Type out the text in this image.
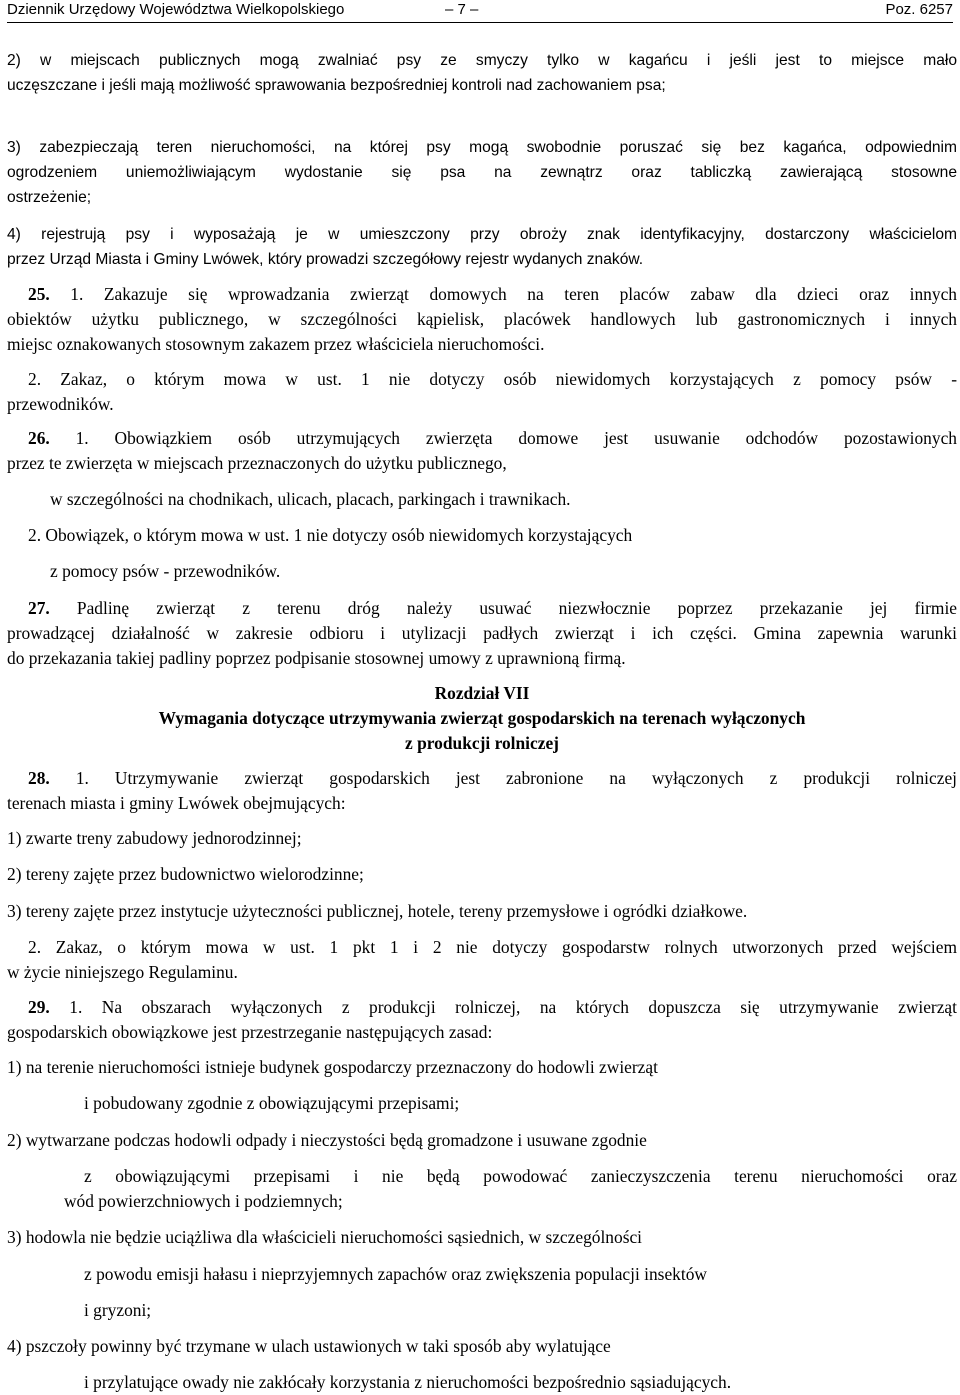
Dziennik Urzędowy Województwa Wielkopolskiego	– 7 –	Poz. 6257
2) w miejscach publicznych mogą zwalniać psy ze smyczy tylko w kagańcu i jeśli jest to miejsce mało
uczęszczane i jeśli mają możliwość sprawowania bezpośredniej kontroli nad zachowaniem psa;
3) zabezpieczają teren nieruchomości, na której psy mogą swobodnie poruszać się bez kagańca, odpowiednim
ogrodzeniem uniemożliwiającym wydostanie się psa na zewnątrz oraz tabliczką zawierającą stosowne
ostrzeżenie;
4) rejestrują psy i wyposażają je w umieszczony przy obroży znak identyfikacyjny, dostarczony właścicielom
przez Urząd Miasta i Gminy Lwówek, który prowadzi szczegółowy rejestr wydanych znaków.
25. 1. Zakazuje się wprowadzania zwierząt domowych na teren placów zabaw dla dzieci oraz innych
obiektów użytku publicznego, w szczególności kąpielisk, placówek handlowych lub gastronomicznych i innych
miejsc oznakowanych stosownym zakazem przez właściciela nieruchomości.
2. Zakaz, o którym mowa w ust. 1 nie dotyczy osób niewidomych korzystających z pomocy psów -
przewodników.
26. 1. Obowiązkiem osób utrzymujących zwierzęta domowe jest usuwanie odchodów pozostawionych
przez te zwierzęta w miejscach przeznaczonych do użytku publicznego,
w szczególności na chodnikach, ulicach, placach, parkingach i trawnikach.
2. Obowiązek, o którym mowa w ust. 1 nie dotyczy osób niewidomych korzystających
z pomocy psów - przewodników.
27. Padlinę zwierząt z terenu dróg należy usuwać niezwłocznie poprzez przekazanie jej firmie
prowadzącej działalność w zakresie odbioru i utylizacji padłych zwierząt i ich części. Gmina zapewnia warunki
do przekazania takiej padliny poprzez podpisanie stosownej umowy z uprawnioną firmą.
Rozdział VII
Wymagania dotyczące utrzymywania zwierząt gospodarskich na terenach wyłączonych
z produkcji rolniczej
28. 1. Utrzymywanie zwierząt gospodarskich jest zabronione na wyłączonych z produkcji rolniczej
terenach miasta i gminy Lwówek obejmujących:
1) zwarte treny zabudowy jednorodzinnej;
2) tereny zajęte przez budownictwo wielorodzinne;
3) tereny zajęte przez instytucje użyteczności publicznej, hotele, tereny przemysłowe i ogródki działkowe.
2. Zakaz, o którym mowa w ust. 1 pkt 1 i 2 nie dotyczy gospodarstw rolnych utworzonych przed wejściem
w życie niniejszego Regulaminu.
29. 1. Na obszarach wyłączonych z produkcji rolniczej, na których dopuszcza się utrzymywanie zwierząt
gospodarskich obowiązkowe jest przestrzeganie następujących zasad:
1) na terenie nieruchomości istnieje budynek gospodarczy przeznaczony do hodowli zwierząt
i pobudowany zgodnie z obowiązującymi przepisami;
2) wytwarzane podczas hodowli odpady i nieczystości będą gromadzone i usuwane zgodnie
z obowiązującymi przepisami i nie będą powodować zanieczyszczenia terenu nieruchomości oraz
wód powierzchniowych i podziemnych;
3) hodowla nie będzie uciążliwa dla właścicieli nieruchomości sąsiednich, w szczególności
z powodu emisji hałasu i nieprzyjemnych zapachów oraz zwiększenia populacji insektów
i gryzoni;
4) pszczoły powinny być trzymane w ulach ustawionych w taki sposób aby wylatujące
i przylatujące owady nie zakłócały korzystania z nieruchomości bezpośrednio sąsiadujących.
